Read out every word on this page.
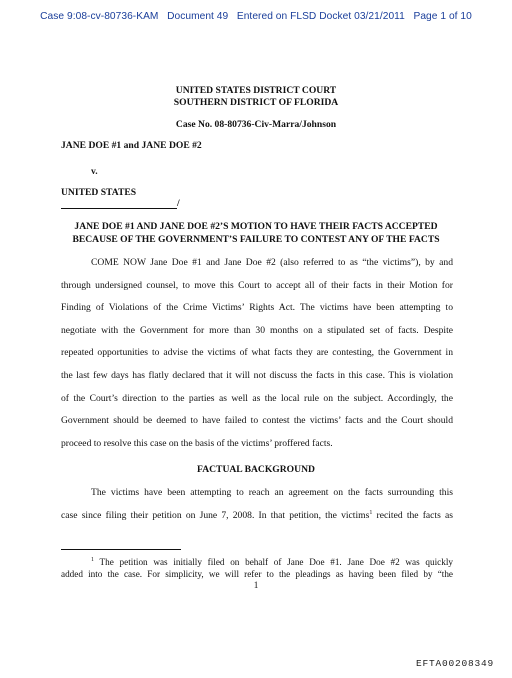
Case 9:08-cv-80736-KAM   Document 49   Entered on FLSD Docket 03/21/2011   Page 1 of 10
UNITED STATES DISTRICT COURT
SOUTHERN DISTRICT OF FLORIDA
Case No. 08-80736-Civ-Marra/Johnson
JANE DOE #1 and JANE DOE #2
v.
UNITED STATES
/
JANE DOE #1 AND JANE DOE #2’S MOTION TO HAVE THEIR FACTS ACCEPTED
BECAUSE OF THE GOVERNMENT’S FAILURE TO CONTEST ANY OF THE FACTS
COME NOW Jane Doe #1 and Jane Doe #2 (also referred to as “the victims”), by and
through undersigned counsel, to move this Court to accept all of their facts in their Motion for
Finding of Violations of the Crime Victims’ Rights Act. The victims have been attempting to
negotiate with the Government for more than 30 months on a stipulated set of facts. Despite
repeated opportunities to advise the victims of what facts they are contesting, the Government in
the last few days has flatly declared that it will not discuss the facts in this case. This is violation
of the Court’s direction to the parties as well as the local rule on the subject. Accordingly, the
Government should be deemed to have failed to contest the victims’ facts and the Court should
proceed to resolve this case on the basis of the victims’ proffered facts.
FACTUAL BACKGROUND
The victims have been attempting to reach an agreement on the facts surrounding this
case since filing their petition on June 7, 2008. In that petition, the victims$^1$ recited the facts as
$^1$ The petition was initially filed on behalf of Jane Doe #1. Jane Doe #2 was quickly
added into the case. For simplicity, we will refer to the pleadings as having been filed by “the
1
EFTA00208349
